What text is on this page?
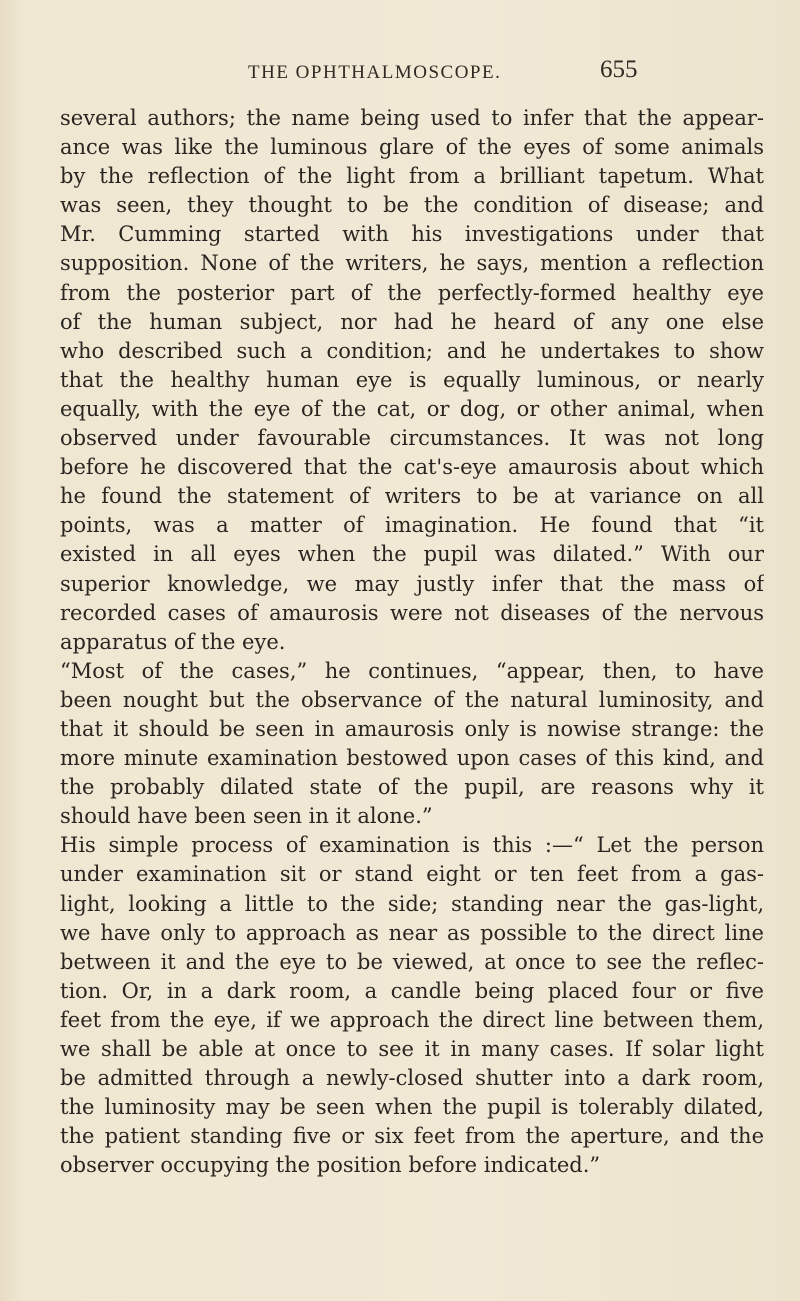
THE OPHTHALMOSCOPE.	655
several authors; the name being used to infer that the appear-
ance was like the luminous glare of the eyes of some animals
by the reflection of the light from a brilliant tapetum. What
was seen, they thought to be the condition of disease; and
Mr. Cumming started with his investigations under that
supposition. None of the writers, he says, mention a reflection
from the posterior part of the perfectly-formed healthy eye
of the human subject, nor had he heard of any one else
who described such a condition; and he undertakes to show
that the healthy human eye is equally luminous, or nearly
equally, with the eye of the cat, or dog, or other animal, when
observed under favourable circumstances. It was not long
before he discovered that the cat's-eye amaurosis about which
he found the statement of writers to be at variance on all
points, was a matter of imagination. He found that “it
existed in all eyes when the pupil was dilated.” With our
superior knowledge, we may justly infer that the mass of
recorded cases of amaurosis were not diseases of the nervous
apparatus of the eye.
“Most of the cases,” he continues, “appear, then, to have
been nought but the observance of the natural luminosity, and
that it should be seen in amaurosis only is nowise strange: the
more minute examination bestowed upon cases of this kind, and
the probably dilated state of the pupil, are reasons why it
should have been seen in it alone.”
His simple process of examination is this :—“ Let the person
under examination sit or stand eight or ten feet from a gas-
light, looking a little to the side; standing near the gas-light,
we have only to approach as near as possible to the direct line
between it and the eye to be viewed, at once to see the reflec-
tion. Or, in a dark room, a candle being placed four or five
feet from the eye, if we approach the direct line between them,
we shall be able at once to see it in many cases. If solar light
be admitted through a newly-closed shutter into a dark room,
the luminosity may be seen when the pupil is tolerably dilated,
the patient standing five or six feet from the aperture, and the
observer occupying the position before indicated.”
